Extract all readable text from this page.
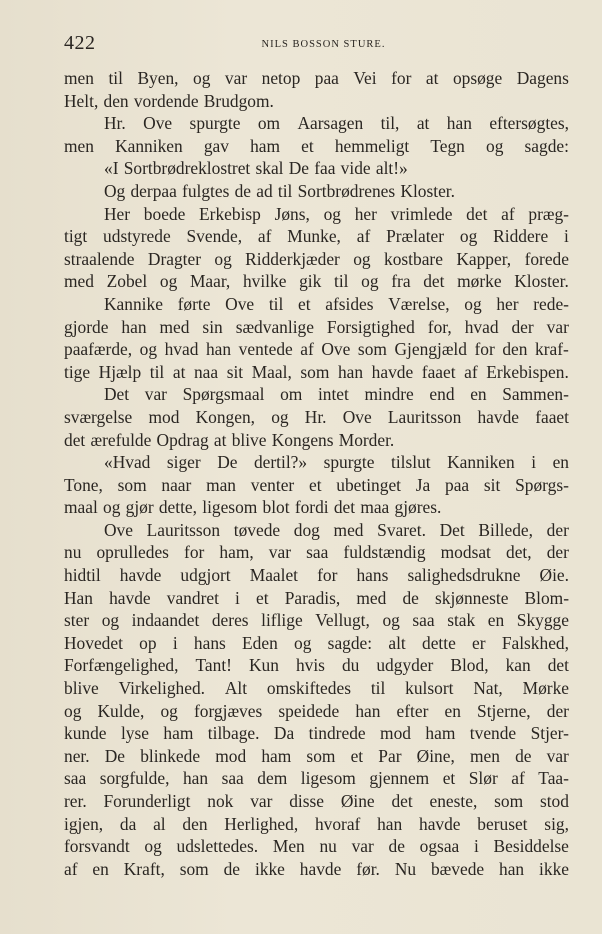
422	NILS BOSSON STURE.
men til Byen, og var netop paa Vei for at opsøge Dagens
Helt, den vordende Brudgom.
Hr. Ove spurgte om Aarsagen til, at han eftersøgtes,
men Kanniken gav ham et hemmeligt Tegn og sagde:
«I Sortbrødreklostret skal De faa vide alt!»
Og derpaa fulgtes de ad til Sortbrødrenes Kloster.
Her boede Erkebisp Jøns, og her vrimlede det af præg-
tigt udstyrede Svende, af Munke, af Prælater og Riddere i
straalende Dragter og Ridderkjæder og kostbare Kapper, forede
med Zobel og Maar, hvilke gik til og fra det mørke Kloster.
Kannike førte Ove til et afsides Værelse, og her rede-
gjorde han med sin sædvanlige Forsigtighed for, hvad der var
paafærde, og hvad han ventede af Ove som Gjengjæld for den kraf-
tige Hjælp til at naa sit Maal, som han havde faaet af Erkebispen.
Det var Spørgsmaal om intet mindre end en Sammen-
sværgelse mod Kongen, og Hr. Ove Lauritsson havde faaet
det ærefulde Opdrag at blive Kongens Morder.
«Hvad siger De dertil?» spurgte tilslut Kanniken i en
Tone, som naar man venter et ubetinget Ja paa sit Spørgs-
maal og gjør dette, ligesom blot fordi det maa gjøres.
Ove Lauritsson tøvede dog med Svaret. Det Billede, der
nu oprulledes for ham, var saa fuldstændig modsat det, der
hidtil havde udgjort Maalet for hans salighedsdrukne Øie.
Han havde vandret i et Paradis, med de skjønneste Blom-
ster og indaandet deres liflige Vellugt, og saa stak en Skygge
Hovedet op i hans Eden og sagde: alt dette er Falskhed,
Forfængelighed, Tant! Kun hvis du udgyder Blod, kan det
blive Virkelighed. Alt omskiftedes til kulsort Nat, Mørke
og Kulde, og forgjæves speidede han efter en Stjerne, der
kunde lyse ham tilbage. Da tindrede mod ham tvende Stjer-
ner. De blinkede mod ham som et Par Øine, men de var
saa sorgfulde, han saa dem ligesom gjennem et Slør af Taa-
rer. Forunderligt nok var disse Øine det eneste, som stod
igjen, da al den Herlighed, hvoraf han havde beruset sig,
forsvandt og udslettedes. Men nu var de ogsaa i Besiddelse
af en Kraft, som de ikke havde før. Nu bævede han ikke
